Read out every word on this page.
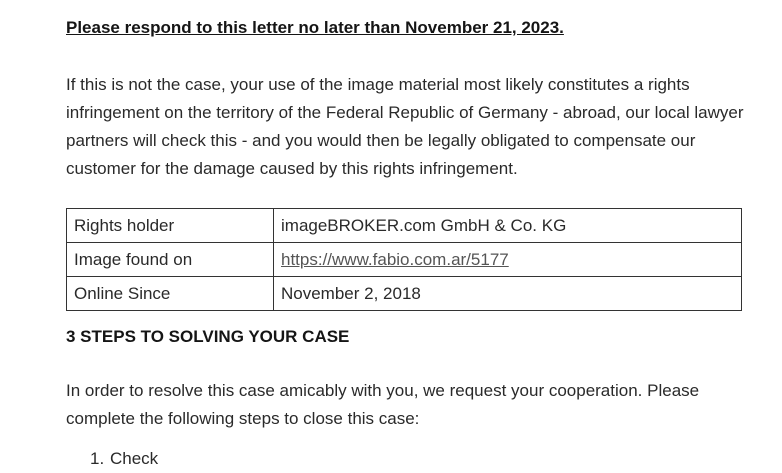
Please respond to this letter no later than November 21, 2023.

If this is not the case, your use of the image material most likely constitutes a rights infringement on the territory of the Federal Republic of Germany - abroad, our local lawyer partners will check this - and you would then be legally obligated to compensate our customer for the damage caused by this rights infringement.

Rights holder	imageBROKER.com GmbH & Co. KG
Image found on	https://www.fabio.com.ar/5177
Online Since	November 2, 2018

3 STEPS TO SOLVING YOUR CASE

In order to resolve this case amicably with you, we request your cooperation. Please complete the following steps to close this case:

1. Check
